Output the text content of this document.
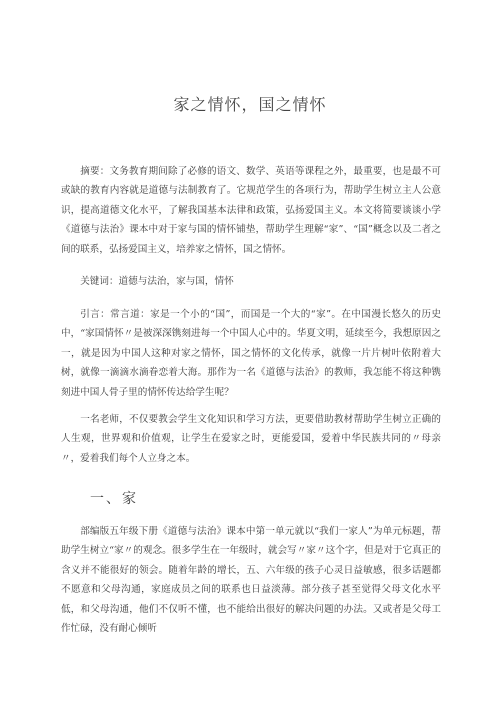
家之情怀，国之情怀

摘要：文务教育期间除了必修的语文、数学、英语等课程之外，最重要，也是最不可或缺的教育内容就是道德与法制教育了。它规范学生的各项行为，帮助学生树立主人公意识，提高道德文化水平，了解我国基本法律和政策，弘扬爱国主义。本文将简要谈谈小学《道德与法治》课本中对于家与国的情怀铺垫，帮助学生理解“家”、“国”概念以及二者之间的联系，弘扬爱国主义，培养家之情怀，国之情怀。

关键词：道德与法治，家与国，情怀

引言：常言道：家是一个小的“国”，而国是一个大的“家”。在中国漫长悠久的历史中，“家国情怀〃是被深深镌刻进每一个中国人心中的。华夏文明，延续至今，我想原因之一，就是因为中国人这种对家之情怀，国之情怀的文化传承，就像一片片树叶依附着大树，就像一滴滴水滴眷恋着大海。那作为一名《道德与法治》的教师，我怎能不将这种镌刻进中国人骨子里的情怀传达给学生呢？

一名老师，不仅要教会学生文化知识和学习方法，更要借助教材帮助学生树立正确的人生观，世界观和价值观，让学生在爱家之时，更能爱国，爱着中华民族共同的〃母亲〃，爱着我们每个人立身之本。

一、家

部编版五年级下册《道德与法治》课本中第一单元就以“我们一家人”为单元标题，帮助学生树立“家〃的观念。很多学生在一年级时，就会写〃家〃这个字，但是对于它真正的含义并不能很好的领会。随着年龄的增长，五、六年级的孩子心灵日益敏感，很多话题都不愿意和父母沟通，家庭成员之间的联系也日益淡薄。部分孩子甚至觉得父母文化水平低，和父母沟通，他们不仅听不懂，也不能给出很好的解决问题的办法。又或者是父母工作忙碌，没有耐心倾听
